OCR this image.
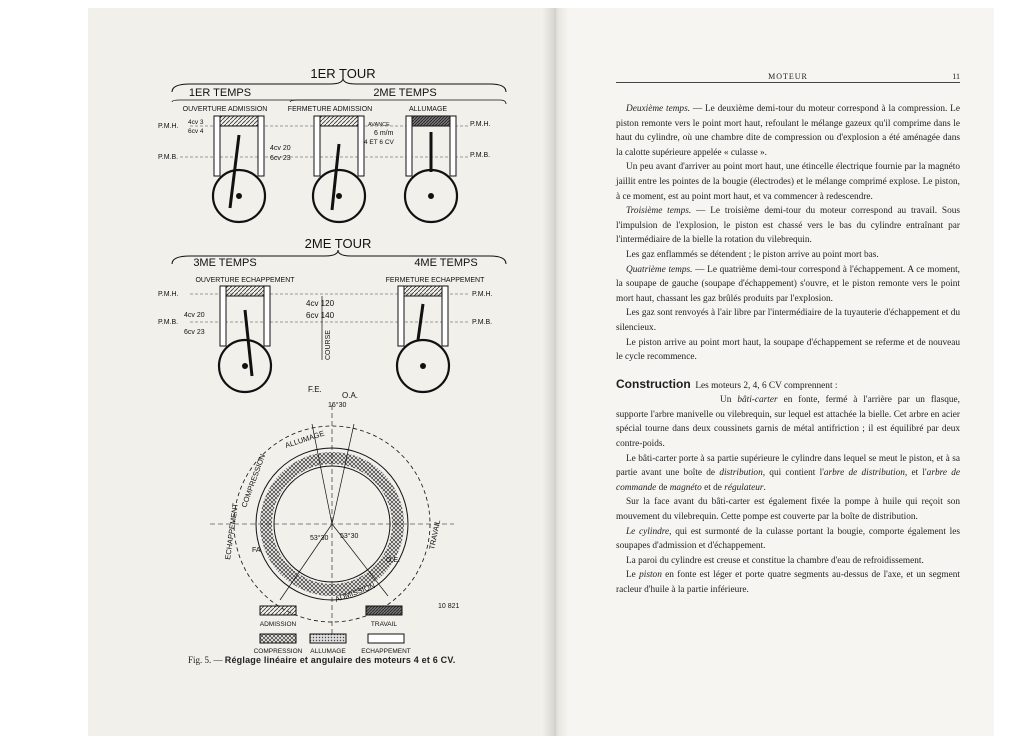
1ER TOUR
1ER TEMPS	2ME TEMPS
OUVERTURE ADMISSION	FERMETURE ADMISSION	ALLUMAGE
P.M.H.
P.M.B.
P.M.H.
P.M.B.
4cv 3
6cv 4
4cv 20
6cv 23
AVANCE
6 m/m
4 ET 6 CV
2ME TOUR
3ME TEMPS	4ME TEMPS
OUVERTURE ECHAPPEMENT	FERMETURE ECHAPPEMENT
P.M.H.
P.M.B.
P.M.H.
P.M.B.
4cv 20
6cv 23
4cv 120
6cv 140
COURSE
F.E.
O.A.
16°30
ALLUMAGE
COMPRESSION
ECHAPPEMENT	TRAVAIL
ADMISSION
53°30 53°30
FA
O.E.
10 821
ADMISSION	TRAVAIL
COMPRESSION ALLUMAGE ECHAPPEMENT
Fig. 5. — Réglage linéaire et angulaire des moteurs 4 et 6 CV.
MOTEUR	11

Deuxième temps. — Le deuxième demi-tour du moteur correspond à la compression. Le piston remonte vers le point mort haut, refoulant le mélange gazeux qu'il comprime dans le haut du cylindre, où une chambre dite de compression ou d'explosion a été aménagée dans la calotte supérieure appelée « culasse ».

Un peu avant d'arriver au point mort haut, une étincelle électrique fournie par la magnéto jaillit entre les pointes de la bougie (électrodes) et le mélange comprimé explose. Le piston, à ce moment, est au point mort haut, et va commencer à redescendre.

Troisième temps. — Le troisième demi-tour du moteur correspond au travail. Sous l'impulsion de l'explosion, le piston est chassé vers le bas du cylindre entraînant par l'intermédiaire de la bielle la rotation du vilebrequin.

Les gaz enflammés se détendent ; le piston arrive au point mort bas.

Quatrième temps. — Le quatrième demi-tour correspond à l'échappement. A ce moment, la soupape de gauche (soupape d'échappement) s'ouvre, et le piston remonte vers le point mort haut, chassant les gaz brûlés produits par l'explosion.

Les gaz sont renvoyés à l'air libre par l'intermédiaire de la tuyauterie d'échappement et du silencieux.

Le piston arrive au point mort haut, la soupape d'échappement se referme et de nouveau le cycle recommence.

Construction Les moteurs 2, 4, 6 CV comprennent :

Un bâti-carter en fonte, fermé à l'arrière par un flasque, supporte l'arbre manivelle ou vilebrequin, sur lequel est attachée la bielle. Cet arbre en acier spécial tourne dans deux coussinets garnis de métal antifriction ; il est équilibré par deux contre-poids.

Le bâti-carter porte à sa partie supérieure le cylindre dans lequel se meut le piston, et à sa partie avant une boîte de distribution, qui contient l'arbre de distribution, et l'arbre de commande de magnéto et de régulateur.

Sur la face avant du bâti-carter est également fixée la pompe à huile qui reçoit son mouvement du vilebrequin. Cette pompe est couverte par la boîte de distribution.

Le cylindre, qui est surmonté de la culasse portant la bougie, comporte également les soupapes d'admission et d'échappement.

La paroi du cylindre est creuse et constitue la chambre d'eau de refroidissement.

Le piston en fonte est léger et porte quatre segments au-dessus de l'axe, et un segment racleur d'huile à la partie inférieure.
